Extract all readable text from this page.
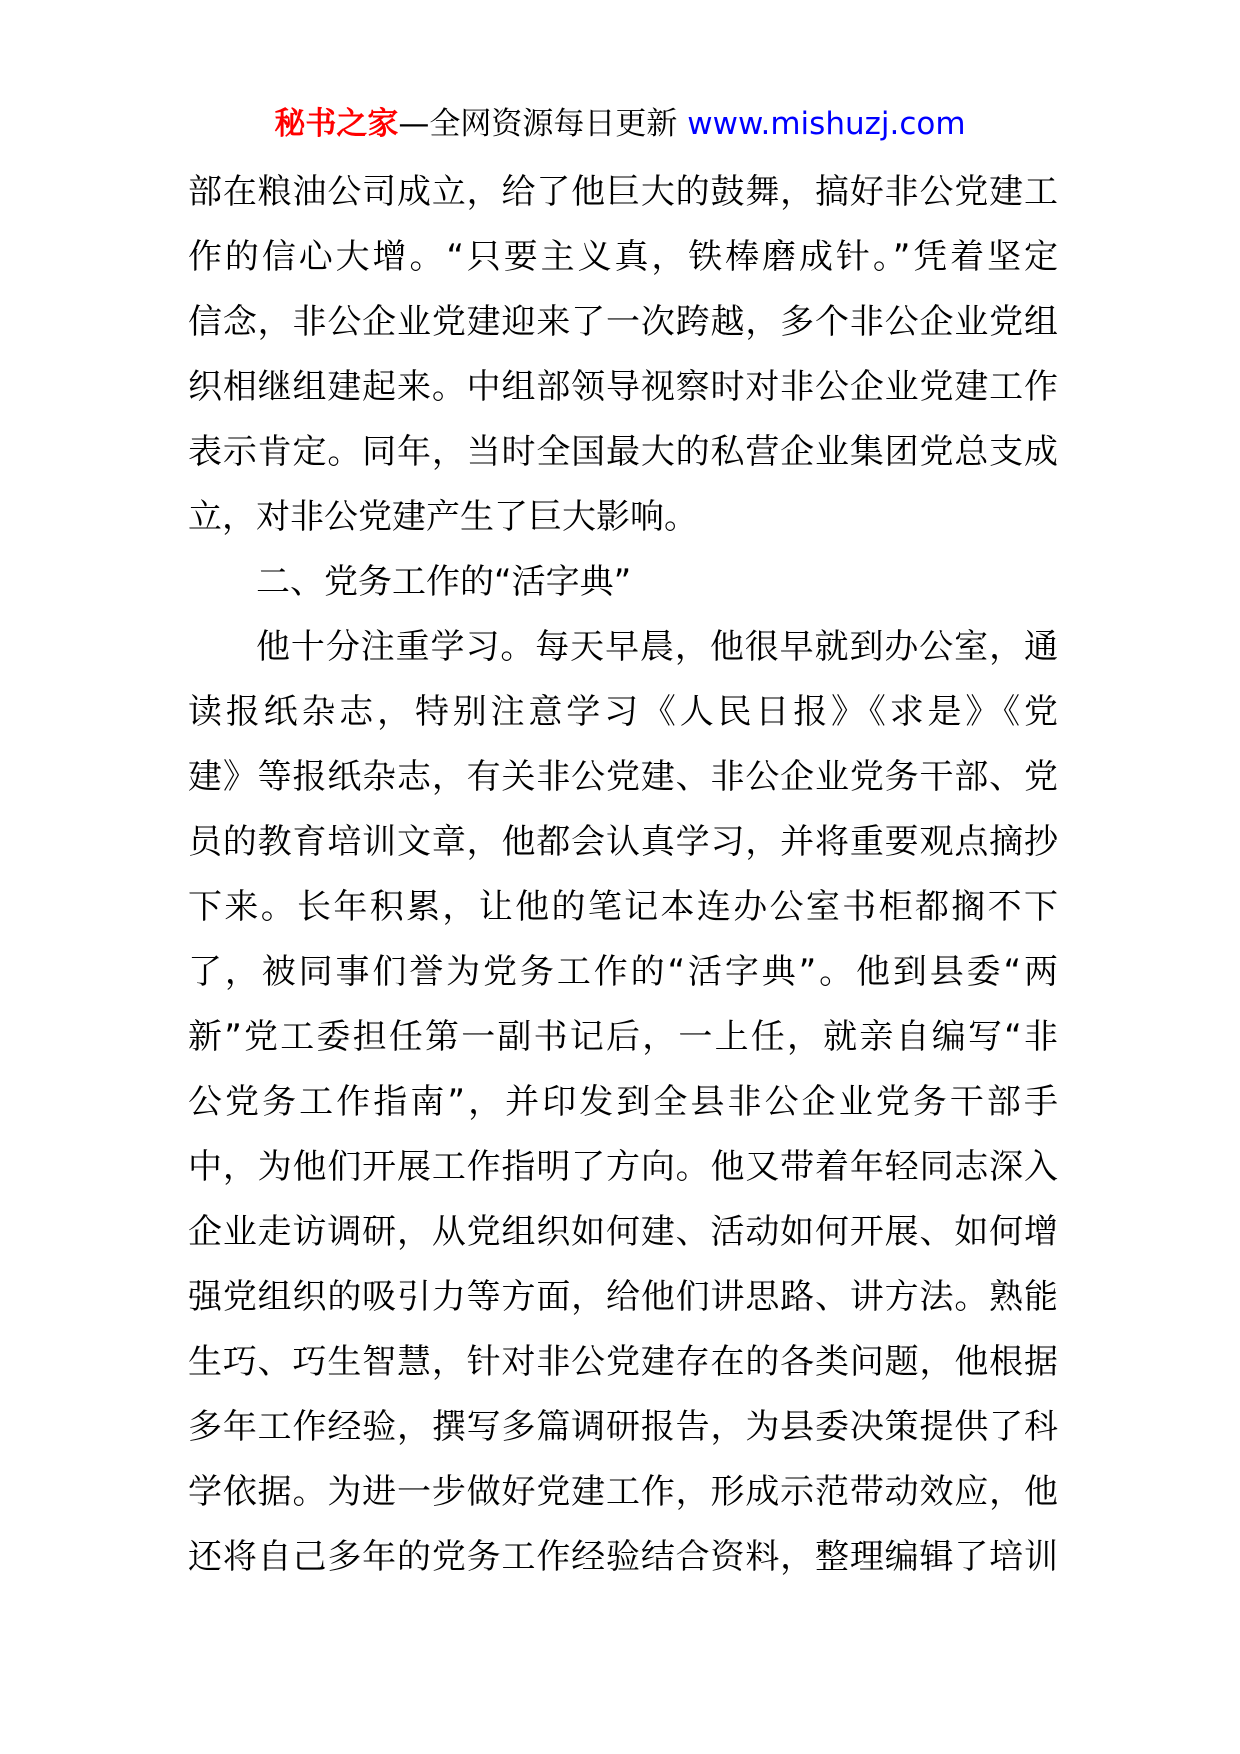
秘书之家—全网资源每日更新 www.mishuzj.com
部在粮油公司成立，给了他巨大的鼓舞，搞好非公党建工
作的信心大增。“只要主义真，铁棒磨成针。”凭着坚定
信念，非公企业党建迎来了一次跨越，多个非公企业党组
织相继组建起来。中组部领导视察时对非公企业党建工作
表示肯定。同年，当时全国最大的私营企业集团党总支成
立，对非公党建产生了巨大影响。
二、党务工作的“活字典”
他十分注重学习。每天早晨，他很早就到办公室，通
读报纸杂志，特别注意学习《人民日报》《求是》《党
建》等报纸杂志，有关非公党建、非公企业党务干部、党
员的教育培训文章，他都会认真学习，并将重要观点摘抄
下来。长年积累，让他的笔记本连办公室书柜都搁不下
了，被同事们誉为党务工作的“活字典”。他到县委“两
新”党工委担任第一副书记后，一上任，就亲自编写“非
公党务工作指南”，并印发到全县非公企业党务干部手
中，为他们开展工作指明了方向。他又带着年轻同志深入
企业走访调研，从党组织如何建、活动如何开展、如何增
强党组织的吸引力等方面，给他们讲思路、讲方法。熟能
生巧、巧生智慧，针对非公党建存在的各类问题，他根据
多年工作经验，撰写多篇调研报告，为县委决策提供了科
学依据。为进一步做好党建工作，形成示范带动效应，他
还将自己多年的党务工作经验结合资料，整理编辑了培训
